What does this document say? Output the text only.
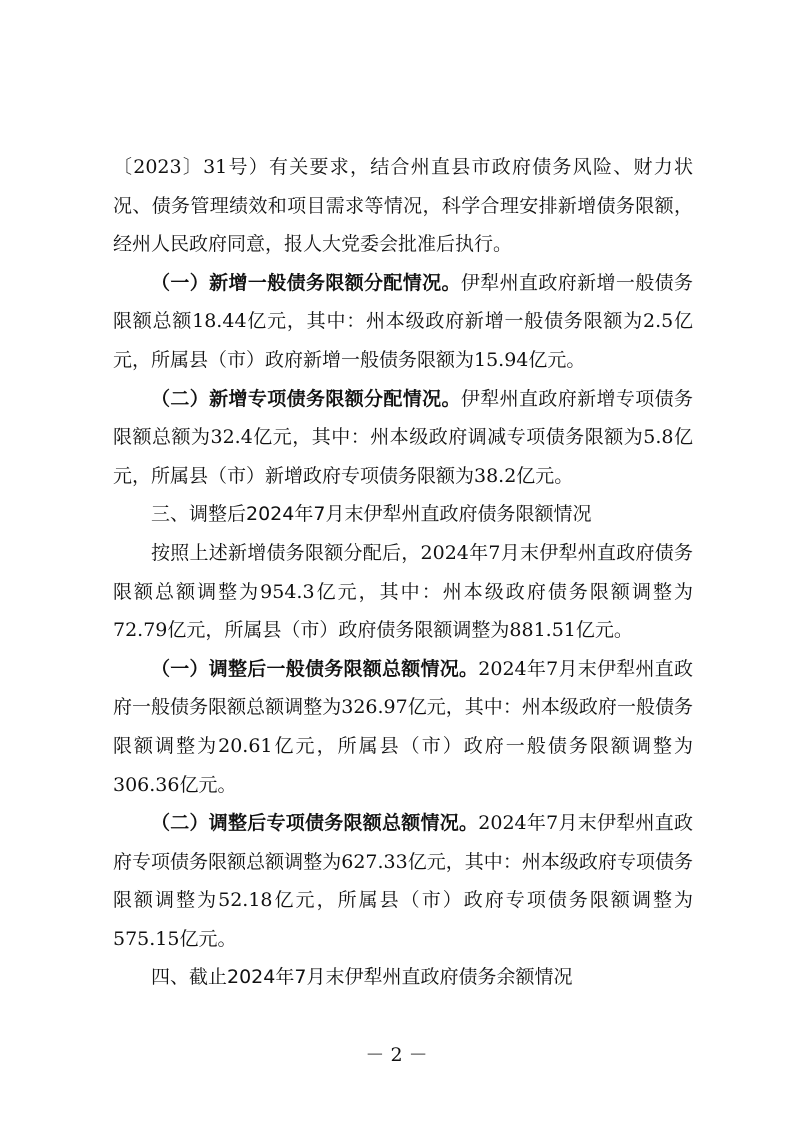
〔2023〕31号）有关要求，结合州直县市政府债务风险、财力状况、债务管理绩效和项目需求等情况，科学合理安排新增债务限额，经州人民政府同意，报人大党委会批准后执行。

（一）新增一般债务限额分配情况。伊犁州直政府新增一般债务限额总额18.44亿元，其中：州本级政府新增一般债务限额为2.5亿元，所属县（市）政府新增一般债务限额为15.94亿元。

（二）新增专项债务限额分配情况。伊犁州直政府新增专项债务限额总额为32.4亿元，其中：州本级政府调减专项债务限额为5.8亿元，所属县（市）新增政府专项债务限额为38.2亿元。

三、调整后2024年7月末伊犁州直政府债务限额情况

按照上述新增债务限额分配后，2024年7月末伊犁州直政府债务限额总额调整为954.3亿元，其中：州本级政府债务限额调整为72.79亿元，所属县（市）政府债务限额调整为881.51亿元。

（一）调整后一般债务限额总额情况。2024年7月末伊犁州直政府一般债务限额总额调整为326.97亿元，其中：州本级政府一般债务限额调整为20.61亿元，所属县（市）政府一般债务限额调整为306.36亿元。

（二）调整后专项债务限额总额情况。2024年7月末伊犁州直政府专项债务限额总额调整为627.33亿元，其中：州本级政府专项债务限额调整为52.18亿元，所属县（市）政府专项债务限额调整为575.15亿元。

四、截止2024年7月末伊犁州直政府债务余额情况

－ 2 －
